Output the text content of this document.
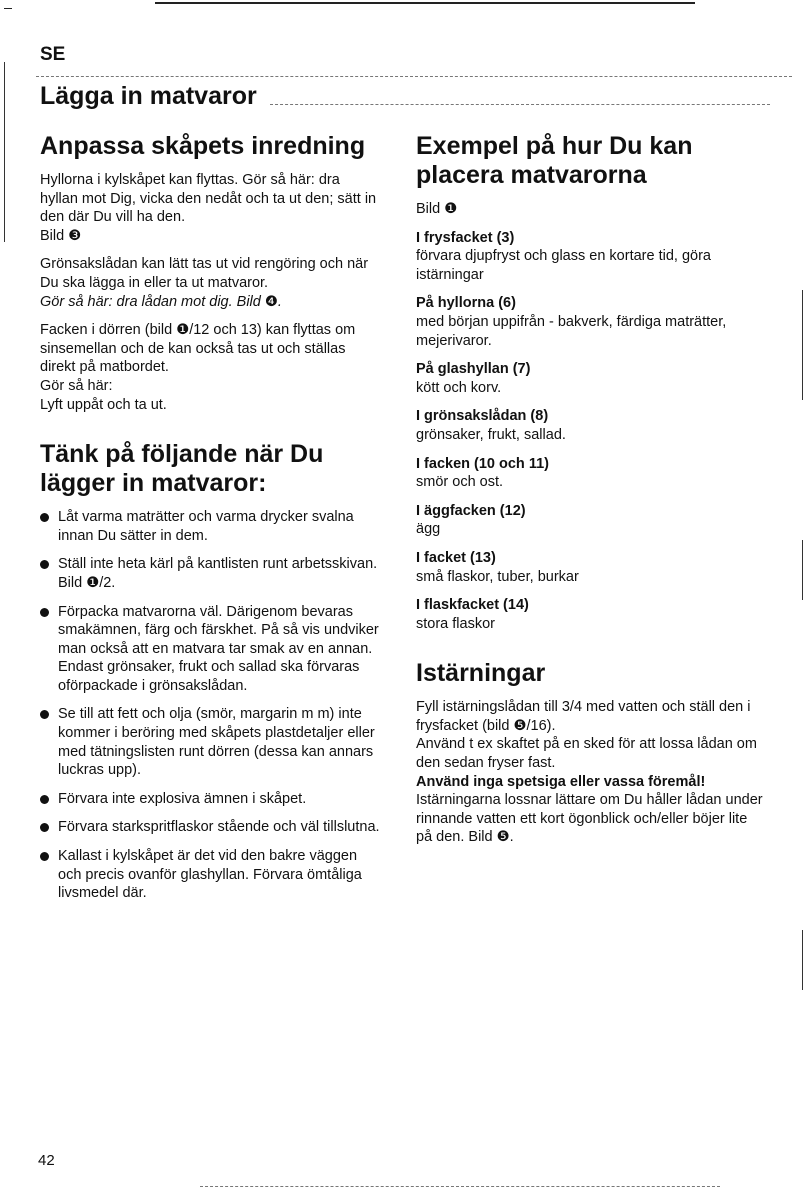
SE
Lägga in matvaror
Anpassa skåpets inredning

Hyllorna i kylskåpet kan flyttas. Gör så här: dra hyllan mot Dig, vicka den nedåt och ta ut den; sätt in den där Du vill ha den.
Bild ❸

Grönsakslådan kan lätt tas ut vid rengöring och när Du ska lägga in eller ta ut matvaror.
Gör så här: dra lådan mot dig. Bild ❹.

Facken i dörren (bild ❶/12 och 13) kan flyttas om sinsemellan och de kan också tas ut och ställas direkt på matbordet.
Gör så här:
Lyft uppåt och ta ut.

Tänk på följande när Du lägger in matvaror:
Låt varma maträtter och varma drycker svalna innan Du sätter in dem.
Ställ inte heta kärl på kantlisten runt arbetsskivan. Bild ❶/2.
Förpacka matvarorna väl. Därigenom bevaras smakämnen, färg och färskhet. På så vis undviker man också att en matvara tar smak av en annan. Endast grönsaker, frukt och sallad ska förvaras oförpackade i grönsakslådan.
Se till att fett och olja (smör, margarin m m) inte kommer i beröring med skåpets plastdetaljer eller med tätningslisten runt dörren (dessa kan annars luckras upp).
Förvara inte explosiva ämnen i skåpet.
Förvara starkspritflaskor stående och väl tillslutna.
Kallast i kylskåpet är det vid den bakre väggen och precis ovanför glashyllan. Förvara ömtåliga livsmedel där.
Exempel på hur Du kan placera matvarorna

Bild ❶

I frysfacket (3)
förvara djupfryst och glass en kortare tid, göra istärningar
På hyllorna (6)
med början uppifrån - bakverk, färdiga maträtter, mejerivaror.
På glashyllan (7)
kött och korv.
I grönsakslådan (8)
grönsaker, frukt, sallad.
I facken (10 och 11)
smör och ost.
I äggfacken (12)
ägg
I facket (13)
små flaskor, tuber, burkar
I flaskfacket (14)
stora flaskor
Istärningar

Fyll istärningslådan till 3/4 med vatten och ställ den i frysfacket (bild ❺/16).
Använd t ex skaftet på en sked för att lossa lådan om den sedan fryser fast.
Använd inga spetsiga eller vassa föremål!
Istärningarna lossnar lättare om Du håller lådan under rinnande vatten ett kort ögonblick och/eller böjer lite på den. Bild ❺.

42
